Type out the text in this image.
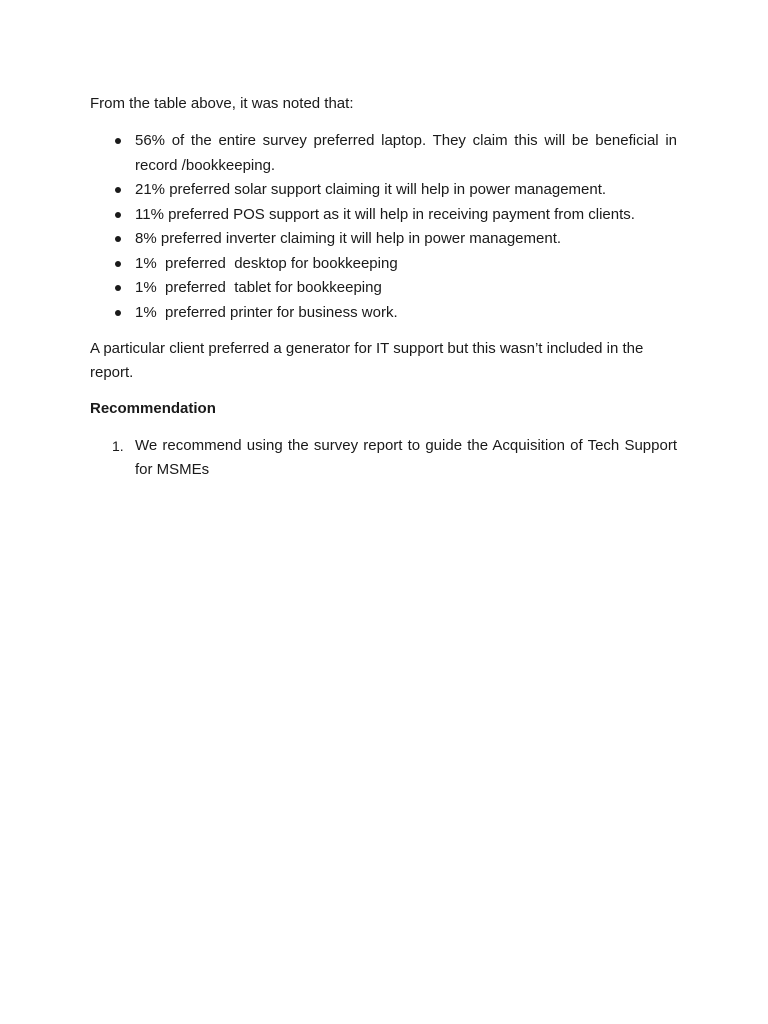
From the table above, it was noted that:

56% of the entire survey preferred laptop. They claim this will be beneficial in record /bookkeeping.
21% preferred solar support claiming it will help in power management.
11% preferred POS support as it will help in receiving payment from clients.
8% preferred inverter claiming it will help in power management.
1%  preferred  desktop for bookkeeping
1%  preferred  tablet for bookkeeping
1%  preferred printer for business work.

A particular client preferred a generator for IT support but this wasn’t included in the report.

Recommendation

1. We recommend using the survey report to guide the Acquisition of Tech Support for MSMEs
